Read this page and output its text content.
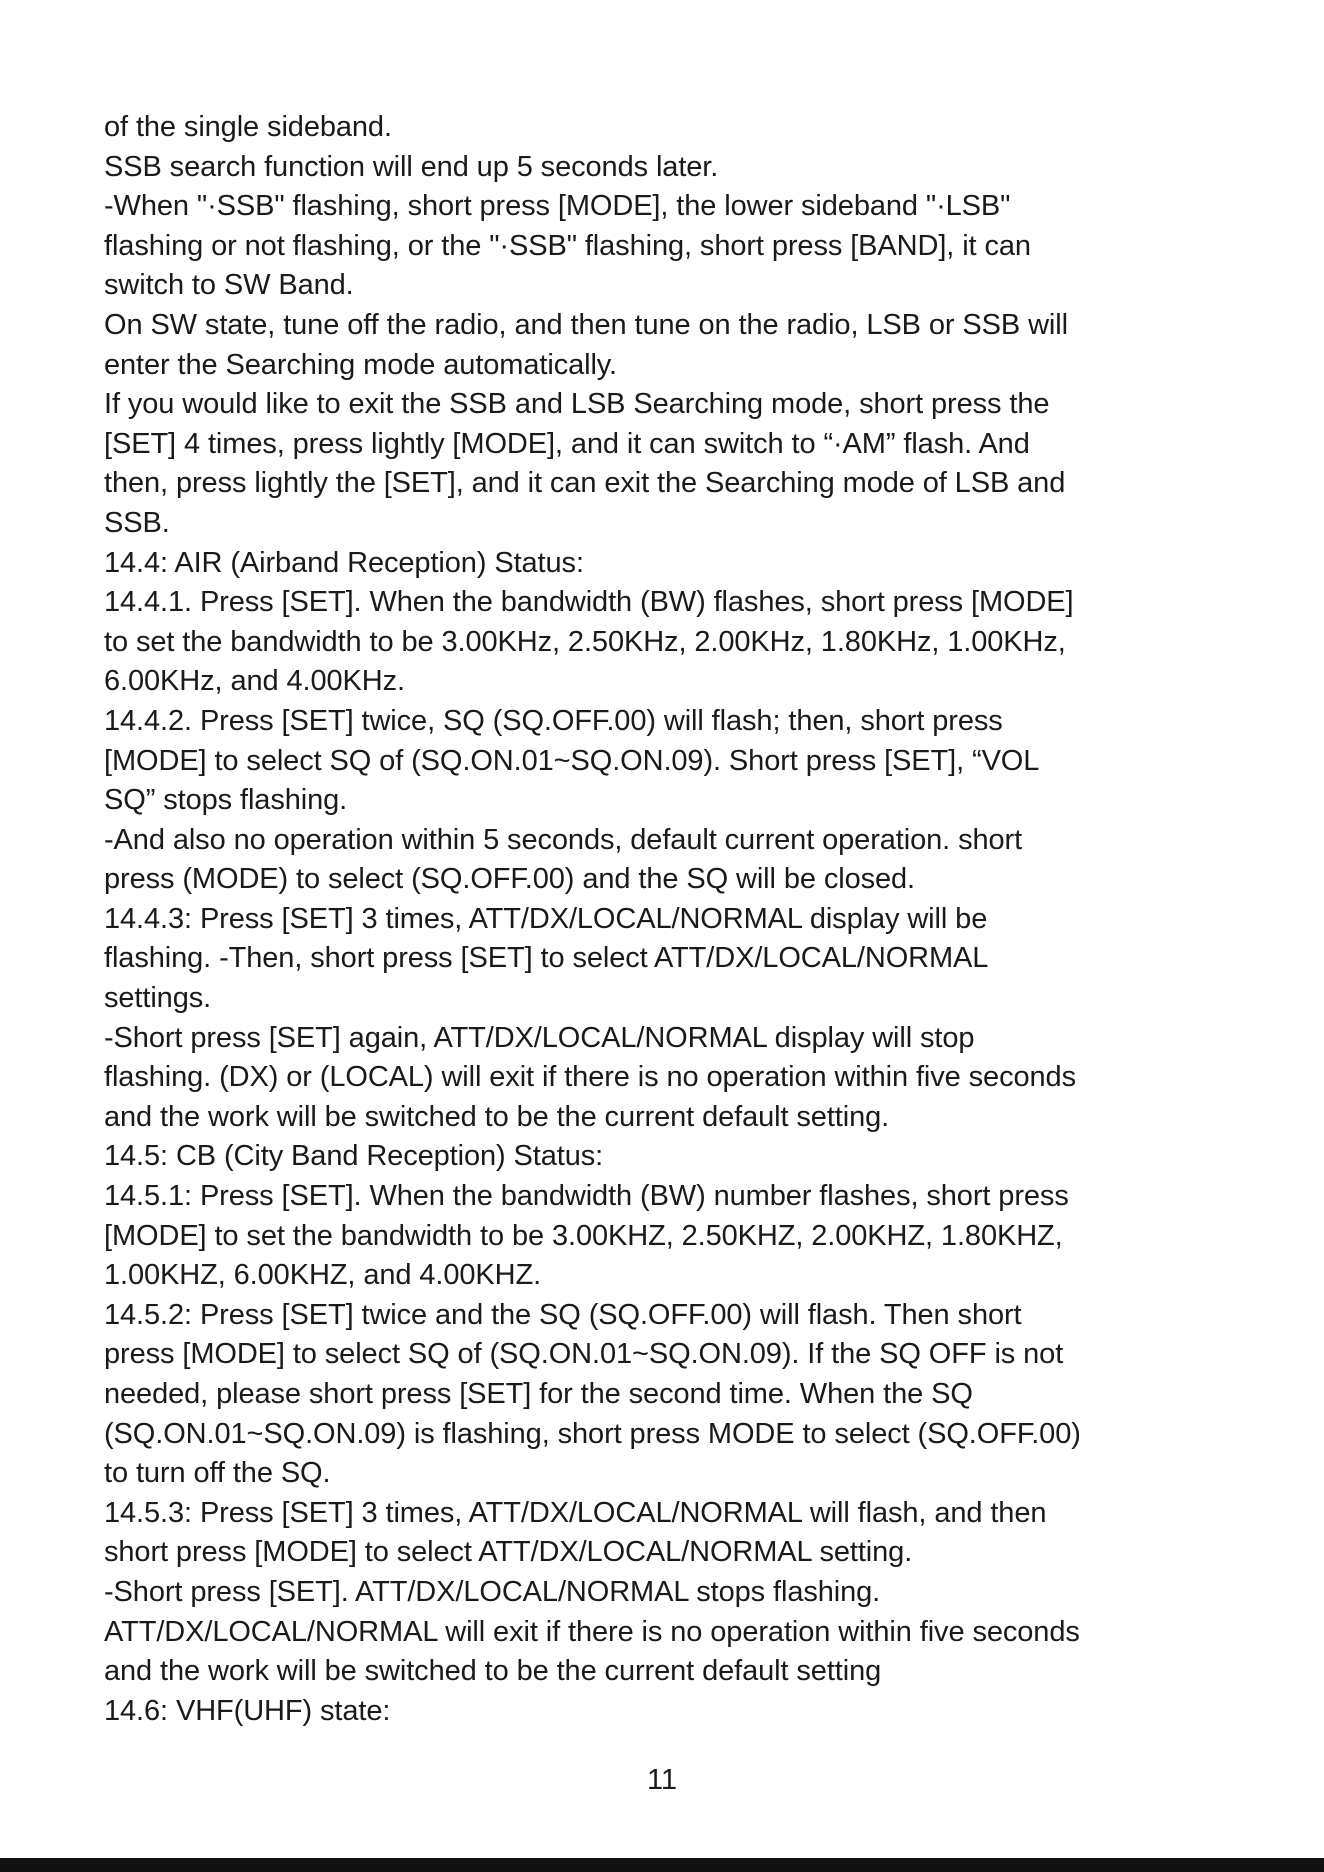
of the single sideband.
SSB search function will end up 5 seconds later.
-When "·SSB" flashing, short press [MODE], the lower sideband "·LSB"
flashing or not flashing, or the "·SSB" flashing, short press [BAND], it can
switch to SW Band.
On SW state, tune off the radio, and then tune on the radio, LSB or SSB will
enter the Searching mode automatically.
If you would like to exit the SSB and LSB Searching mode, short press the
[SET] 4 times, press lightly [MODE], and it can switch to “·AM” flash. And
then, press lightly the [SET], and it can exit the Searching mode of LSB and
SSB.
14.4: AIR (Airband Reception) Status:
14.4.1. Press [SET]. When the bandwidth (BW) flashes, short press [MODE]
to set the bandwidth to be 3.00KHz, 2.50KHz, 2.00KHz, 1.80KHz, 1.00KHz,
6.00KHz, and 4.00KHz.
14.4.2. Press [SET] twice, SQ (SQ.OFF.00) will flash; then, short press
[MODE] to select SQ of (SQ.ON.01~SQ.ON.09). Short press [SET], “VOL
SQ” stops flashing.
-And also no operation within 5 seconds, default current operation. short
press (MODE) to select (SQ.OFF.00) and the SQ will be closed.
14.4.3: Press [SET] 3 times, ATT/DX/LOCAL/NORMAL display will be
flashing. -Then, short press [SET] to select ATT/DX/LOCAL/NORMAL
settings.
-Short press [SET] again, ATT/DX/LOCAL/NORMAL display will stop
flashing. (DX) or (LOCAL) will exit if there is no operation within five seconds
and the work will be switched to be the current default setting.
14.5: CB (City Band Reception) Status:
14.5.1: Press [SET]. When the bandwidth (BW) number flashes, short press
[MODE] to set the bandwidth to be 3.00KHZ, 2.50KHZ, 2.00KHZ, 1.80KHZ,
1.00KHZ, 6.00KHZ, and 4.00KHZ.
14.5.2: Press [SET] twice and the SQ (SQ.OFF.00) will flash. Then short
press [MODE] to select SQ of (SQ.ON.01~SQ.ON.09). If the SQ OFF is not
needed, please short press [SET] for the second time. When the SQ
(SQ.ON.01~SQ.ON.09) is flashing, short press MODE to select (SQ.OFF.00)
to turn off the SQ.
14.5.3: Press [SET] 3 times, ATT/DX/LOCAL/NORMAL will flash, and then
short press [MODE] to select ATT/DX/LOCAL/NORMAL setting.
-Short press [SET]. ATT/DX/LOCAL/NORMAL stops flashing.
ATT/DX/LOCAL/NORMAL will exit if there is no operation within five seconds
and the work will be switched to be the current default setting
14.6: VHF(UHF) state:
11
